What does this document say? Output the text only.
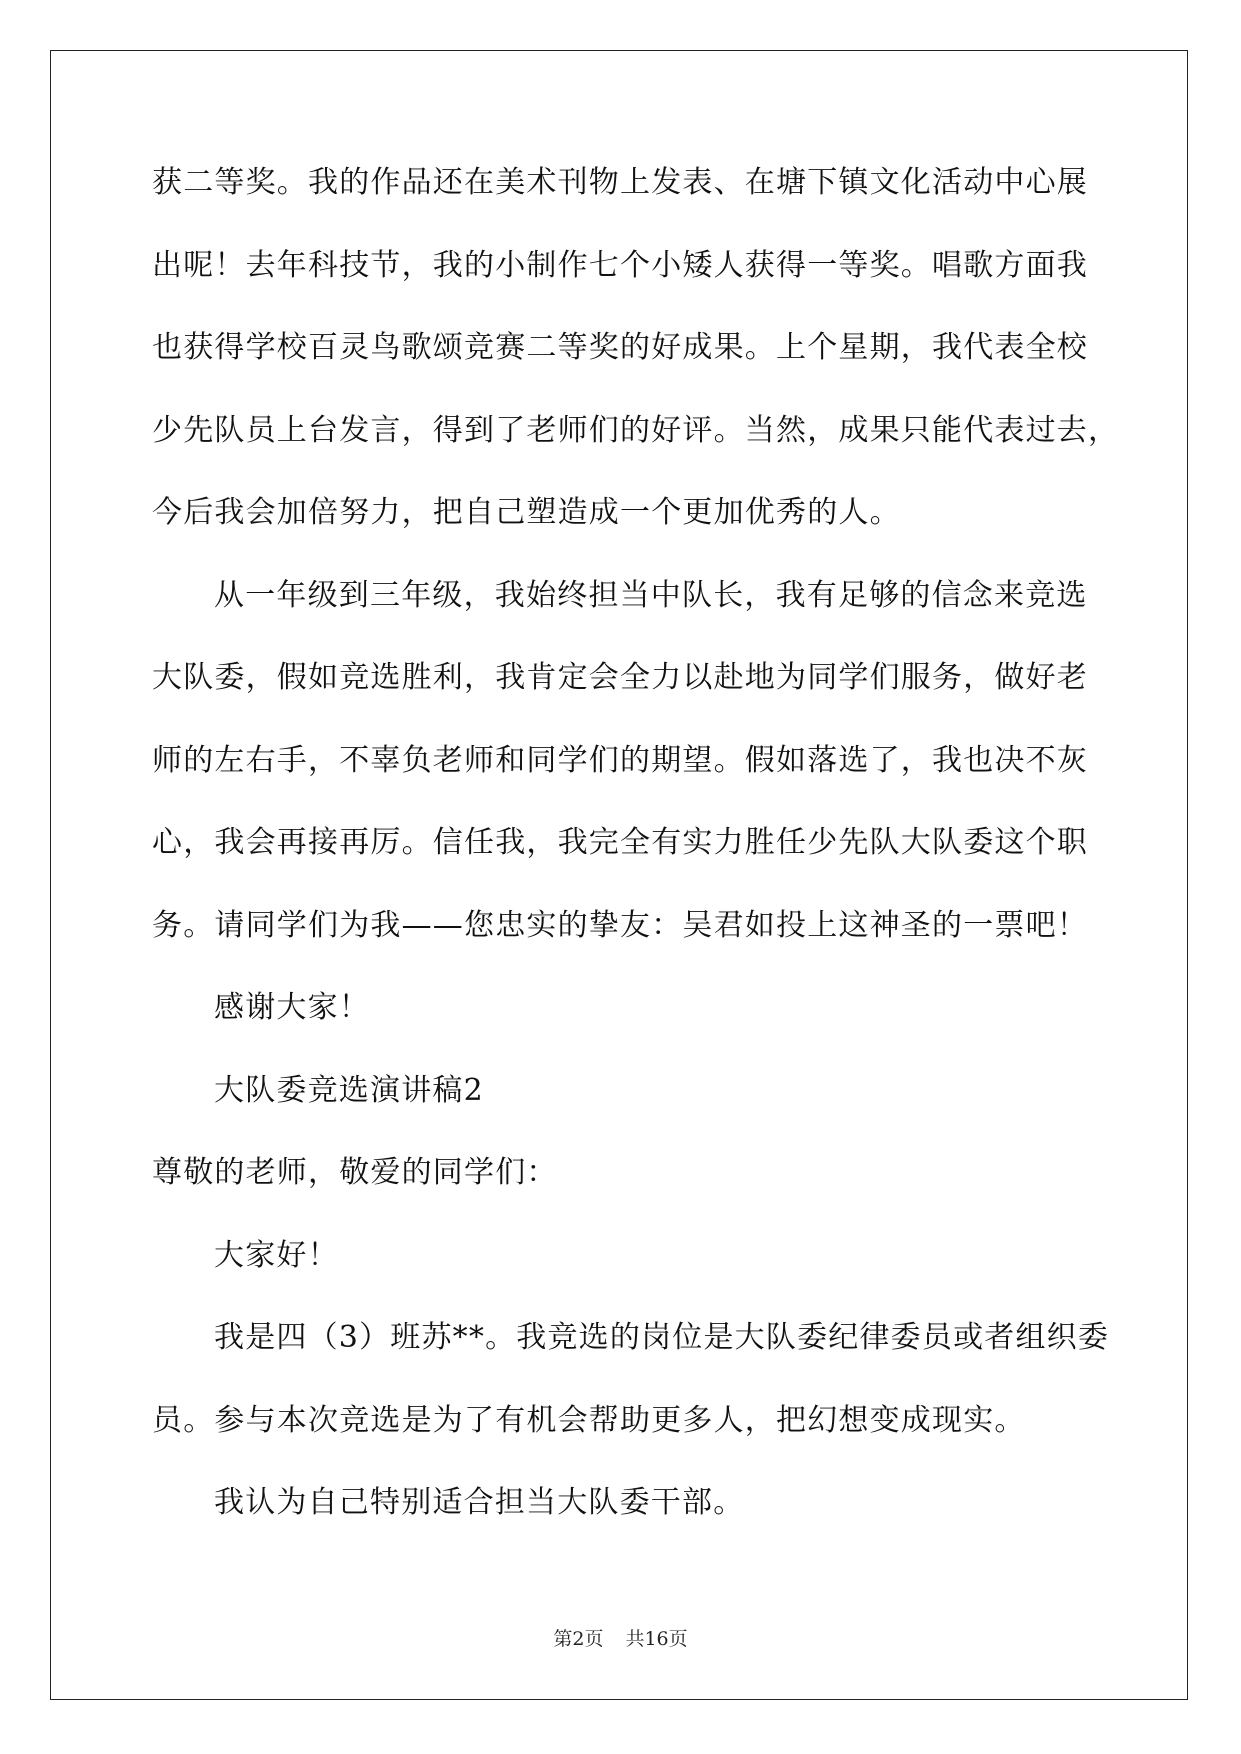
获二等奖。我的作品还在美术刊物上发表、在塘下镇文化活动中心展
出呢！去年科技节，我的小制作七个小矮人获得一等奖。唱歌方面我
也获得学校百灵鸟歌颂竞赛二等奖的好成果。上个星期，我代表全校
少先队员上台发言，得到了老师们的好评。当然，成果只能代表过去，
今后我会加倍努力，把自己塑造成一个更加优秀的人。
从一年级到三年级，我始终担当中队长，我有足够的信念来竞选
大队委，假如竞选胜利，我肯定会全力以赴地为同学们服务，做好老
师的左右手，不辜负老师和同学们的期望。假如落选了，我也决不灰
心，我会再接再厉。信任我，我完全有实力胜任少先队大队委这个职
务。请同学们为我——您忠实的挚友：吴君如投上这神圣的一票吧！
感谢大家！
大队委竞选演讲稿2
尊敬的老师，敬爱的同学们：
大家好！
我是四（3）班苏**。我竞选的岗位是大队委纪律委员或者组织委
员。参与本次竞选是为了有机会帮助更多人，把幻想变成现实。
我认为自己特别适合担当大队委干部。
第2页 共16页
